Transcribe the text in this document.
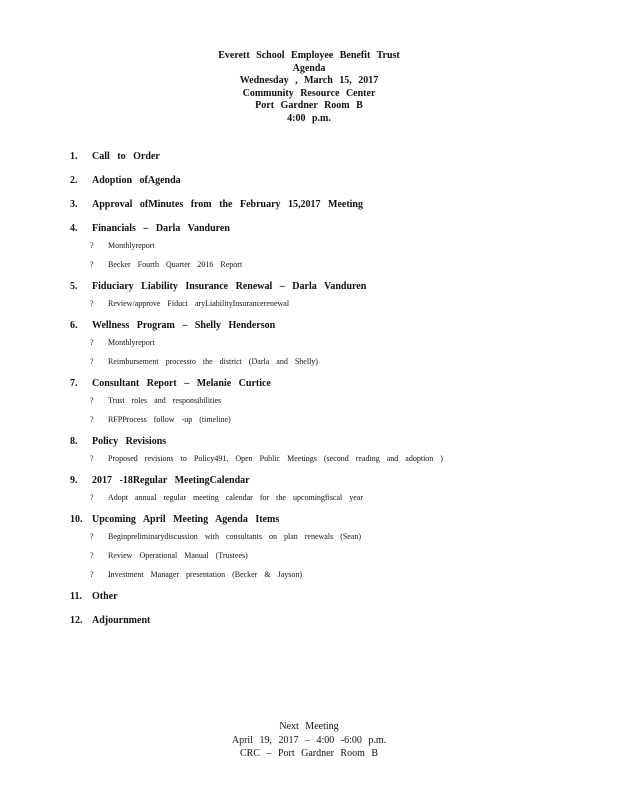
Everett School Employee Benefit Trust
Agenda
Wednesday , March 15, 2017
Community Resource Center
Port Gardner Room B
4:00 p.m.
1.	Call to Order
2.	Adoption ofAgenda
3.	Approval ofMinutes from the February 15,2017 Meeting
4.	Financials – Darla Vanduren
?	Monthlyreport
?	Becker Fourth Quarter 2016 Report
5.	Fiduciary Liability Insurance Renewal – Darla Vanduren
?	Review/approve Fiduci aryLiabilityInsurancerenewal
6.	Wellness Program – Shelly Henderson
?	Monthlyreport
?	Reimbursement processto the district (Darla and Shelly)
7.	Consultant Report – Melanie Curtice
?	Trust roles and responsibilities
?	RFPProcess follow -up (timeline)
8.	Policy Revisions
?	Proposed revisions to Policy491, Open Public Meetings (second reading and adoption )
9.	2017 -18Regular MeetingCalendar
?	Adopt annual regular meeting calendar for the upcomingfiscal year
10. Upcoming April Meeting Agenda Items
?	Beginpreliminarydiscussion with consultants on plan renewals (Sean)
?	Review Operational Manual (Trustees)
?	Investment Manager presentation (Becker & Jayson)
11.	Other
12. Adjournment
Next Meeting
April 19, 2017 – 4:00 -6:00 p.m.
CRC – Port Gardner Room B
